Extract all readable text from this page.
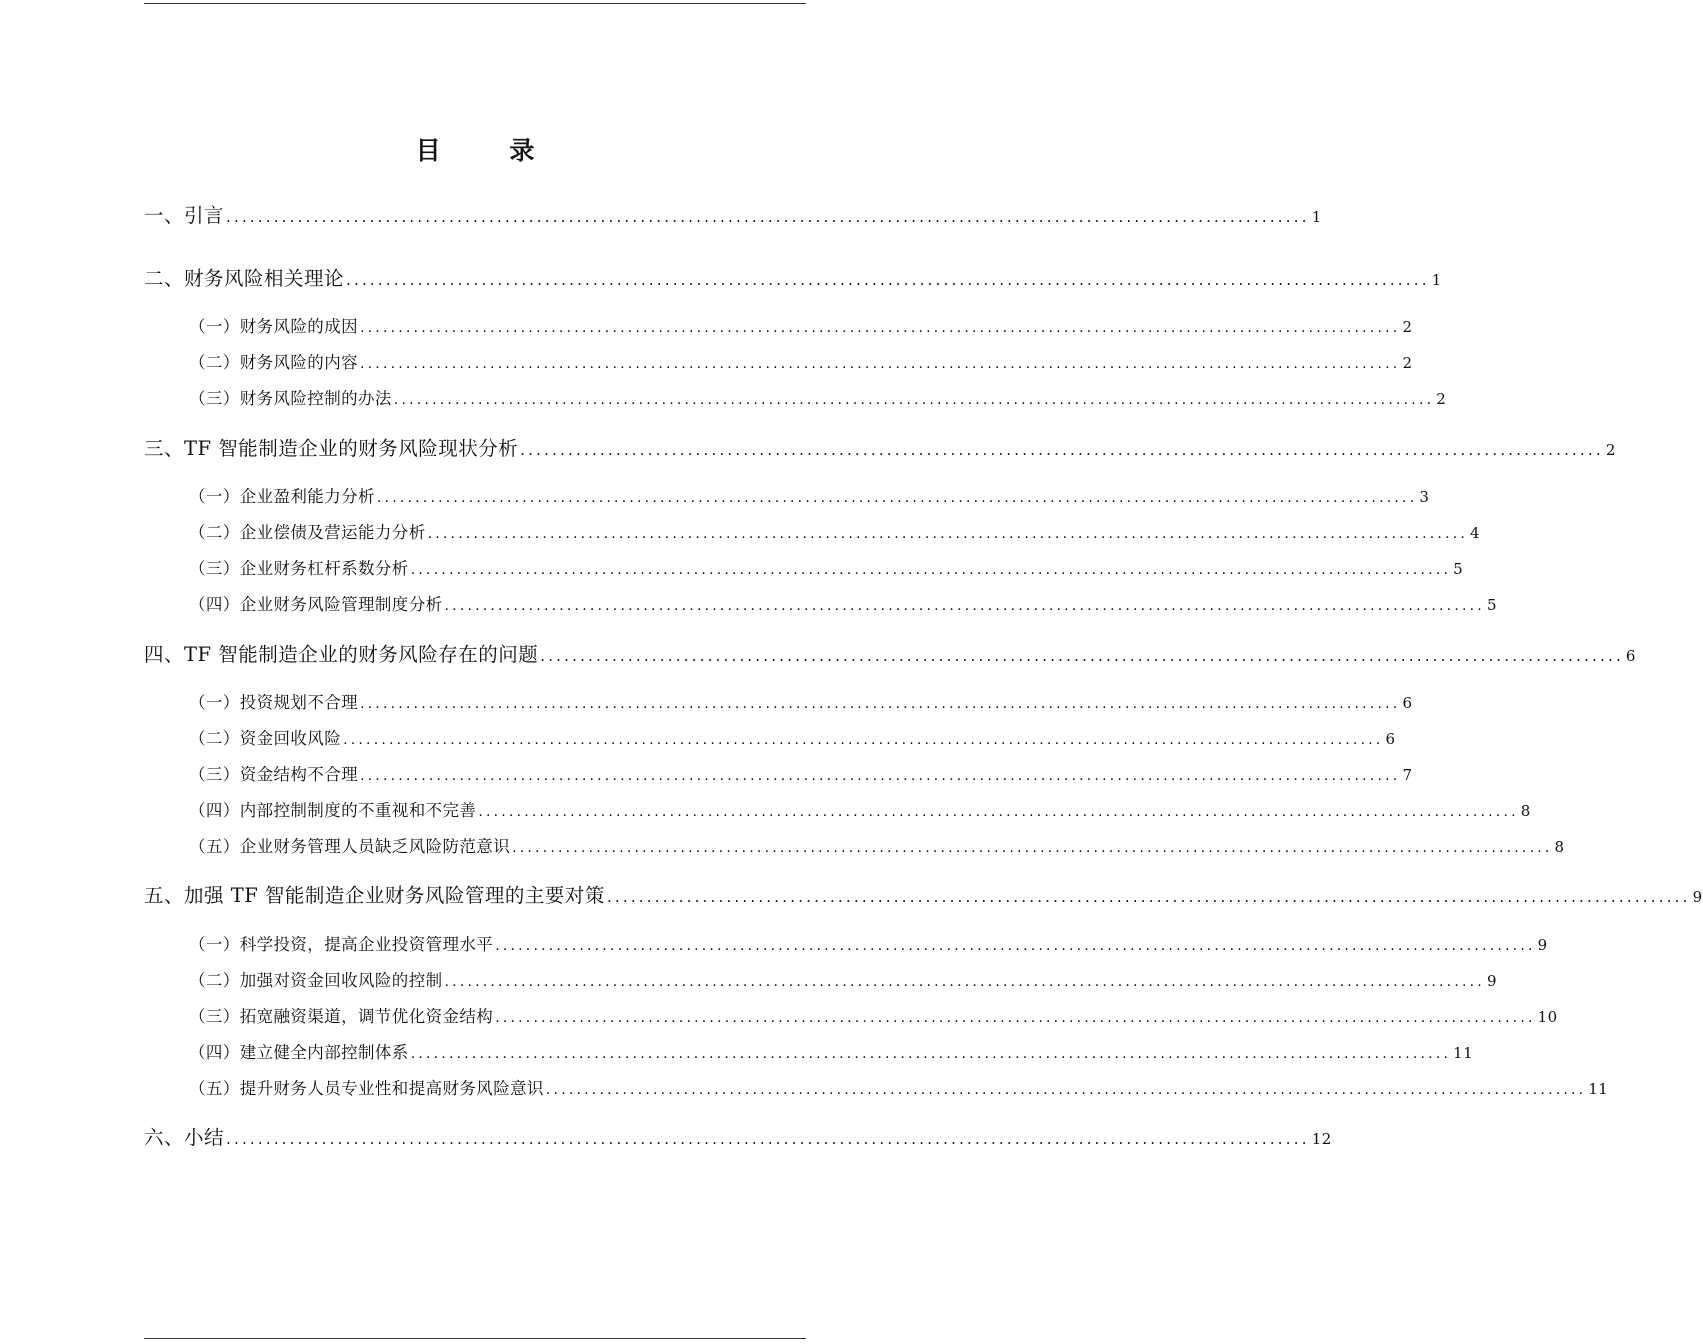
目 录
一、引言 ........................................................................................................................................ 1
二、财务风险相关理论 ........................................................................................................................................ 1
（一）财务风险的成因 ........................................................................................................................................ 2
（二）财务风险的内容 ........................................................................................................................................ 2
（三）财务风险控制的办法 ........................................................................................................................................ 2
三、TF 智能制造企业的财务风险现状分析 ........................................................................................................................................ 2
（一）企业盈利能力分析 ........................................................................................................................................ 3
（二）企业偿债及营运能力分析 ........................................................................................................................................ 4
（三）企业财务杠杆系数分析 ........................................................................................................................................ 5
（四）企业财务风险管理制度分析 ........................................................................................................................................ 5
四、TF 智能制造企业的财务风险存在的问题 ........................................................................................................................................ 6
（一）投资规划不合理 ........................................................................................................................................ 6
（二）资金回收风险 ........................................................................................................................................ 6
（三）资金结构不合理 ........................................................................................................................................ 7
（四）内部控制制度的不重视和不完善 ........................................................................................................................................ 8
（五）企业财务管理人员缺乏风险防范意识 ........................................................................................................................................ 8
五、加强 TF 智能制造企业财务风险管理的主要对策 ........................................................................................................................................ 9
（一）科学投资，提高企业投资管理水平 ........................................................................................................................................ 9
（二）加强对资金回收风险的控制 ........................................................................................................................................ 9
（三）拓宽融资渠道，调节优化资金结构 ........................................................................................................................................ 10
（四）建立健全内部控制体系 ........................................................................................................................................ 11
（五）提升财务人员专业性和提高财务风险意识 ........................................................................................................................................ 11
六、小结 ........................................................................................................................................ 12
